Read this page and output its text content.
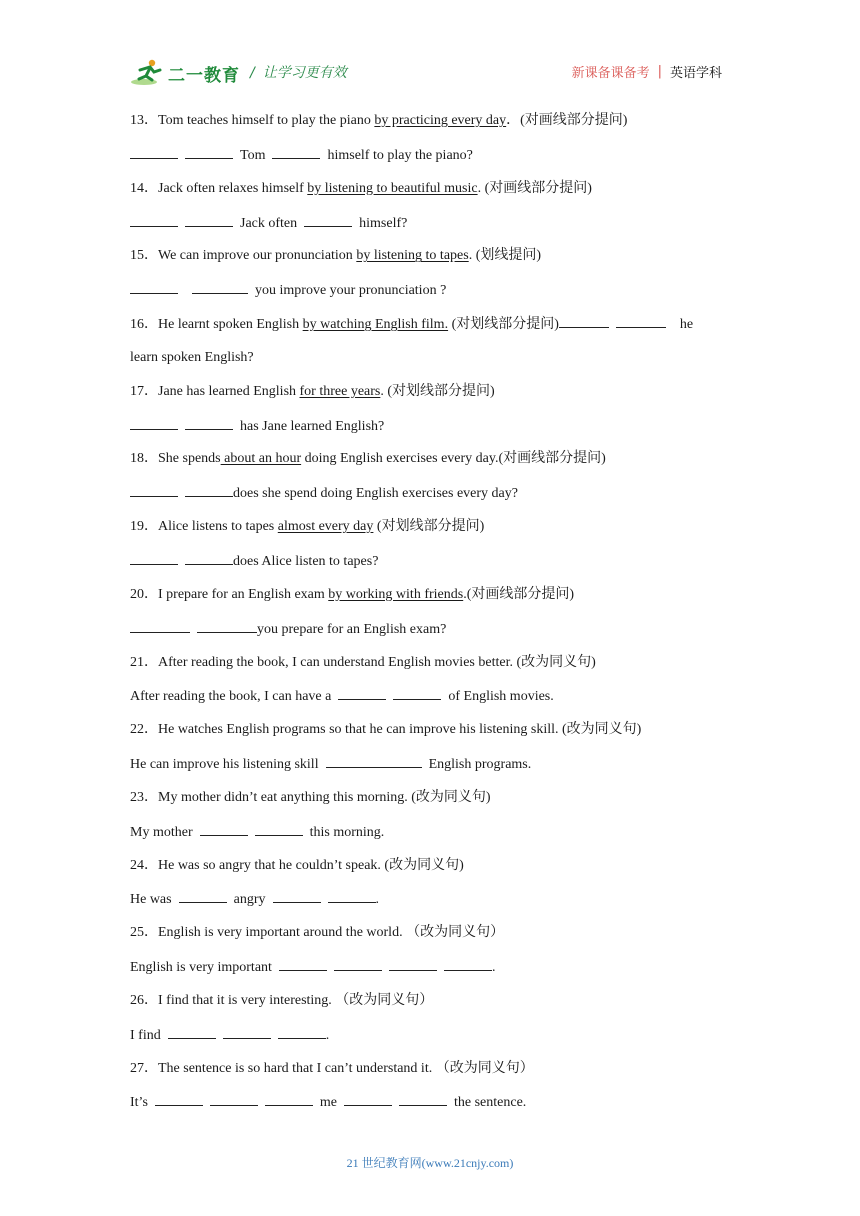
二一教育 / 让学习更有效	新课备课备考 | 英语学科
13．Tom teaches himself to play the piano by practicing every day．(对画线部分提问)
Tom	himself to play the piano?
14．Jack often relaxes himself by listening to beautiful music. (对画线部分提问)
Jack often	himself?
15．We can improve our pronunciation by listening to tapes. (划线提问)
you improve your pronunciation ?
16．He learnt spoken English by watching English film. (对划线部分提问)	he
learn spoken English?
17．Jane has learned English for three years. (对划线部分提问)
has Jane learned English?
18．She spends about an hour doing English exercises every day.(对画线部分提问)
does she spend doing English exercises every day?
19．Alice listens to tapes almost every day (对划线部分提问)
does Alice listen to tapes?
20．I prepare for an English exam by working with friends.(对画线部分提问)
you prepare for an English exam?
21．After reading the book, I can understand English movies better. (改为同义句)
After reading the book, I can have a	of English movies.
22．He watches English programs so that he can improve his listening skill. (改为同义句)
He can improve his listening skill	English programs.
23．My mother didn’t eat anything this morning. (改为同义句)
My mother	this morning.
24．He was so angry that he couldn’t speak. (改为同义句)
He was	angry	.
25．English is very important around the world. （改为同义句）
English is very important	.
26．I find that it is very interesting. （改为同义句）
I find	.
27．The sentence is so hard that I can’t understand it. （改为同义句）
It’s	me	the sentence.
21 世纪教育网(www.21cnjy.com)
